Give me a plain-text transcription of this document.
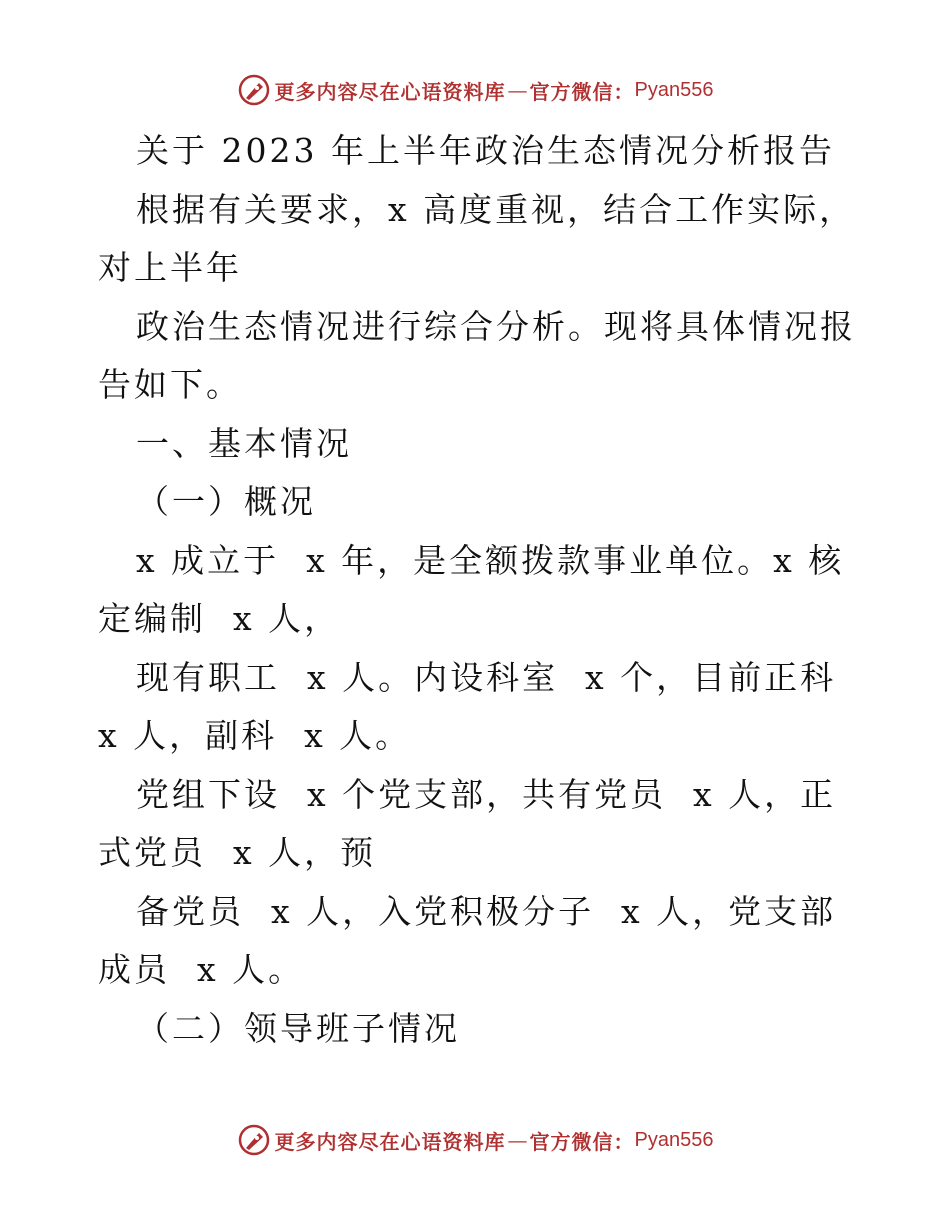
更多内容尽在心语资料库 — 官方微信： Pyan556

关于 2023 年上半年政治生态情况分析报告

根据有关要求，x 高度重视，结合工作实际，对上半年

政治生态情况进行综合分析。现将具体情况报告如下。

一、基本情况

（一）概况

x 成立于  x 年，是全额拨款事业单位。x 核定编制  x 人，

现有职工  x 人。内设科室  x 个，目前正科  x 人，副科  x 人。

党组下设  x 个党支部，共有党员  x 人，正式党员  x 人，预

备党员  x 人，入党积极分子  x 人，党支部成员  x 人。

（二）领导班子情况

更多内容尽在心语资料库 — 官方微信： Pyan556
